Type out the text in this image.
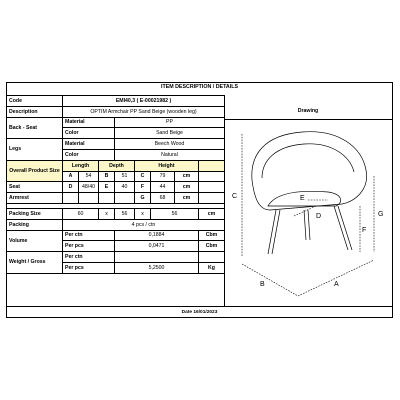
ITEM DESCRIPTION / DETAILS
Code	EMI40,3 ( E-00021982 )							
Description	OPTIM Armchair PP Sand Beige (wooden leg)							
Back - Seat	Material			PP				
	Color			Sand Beige				
Legs	Material			Beech Wood				
	Color			Natural				
Overall Product Size	Length		Depth		Height			
	A	54	B	51	C	79	cm	
Seat	D	48/40	E	40	F	44	cm	
Armrest					G	68	cm	

Packing Size	60		x	56	x	56		cm
Packing	4 pcs / ctn							
Volume	Per ctn			0,1884				Cbm
	Per pcs			0,0471				Cbm
Weight / Gross	Per ctn							
	Per pcs			5,2500				Kg
Drawing
C
G
F
E
D
B	A
Date 16/01/2023
